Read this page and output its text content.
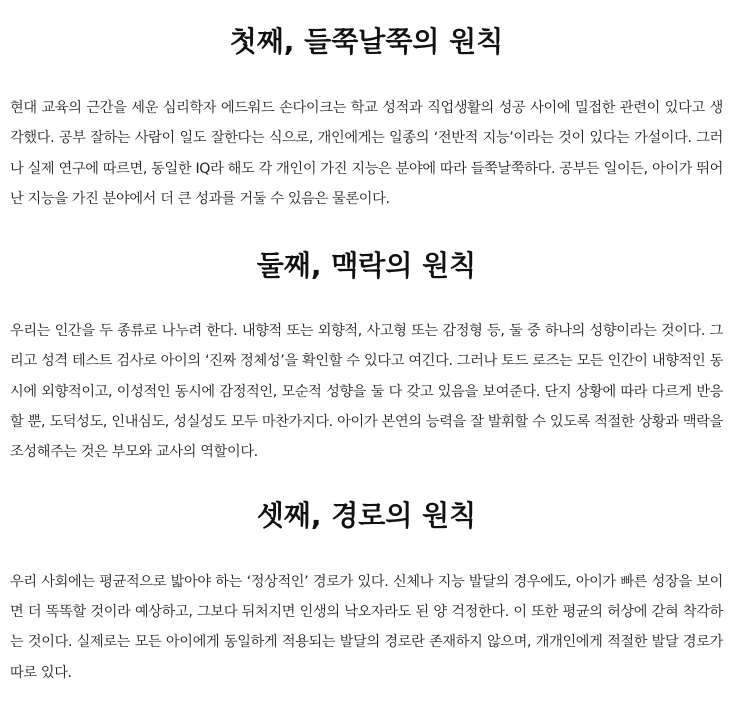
첫째, 들쭉날쭉의 원칙

현대 교육의 근간을 세운 심리학자 에드워드 손다이크는 학교 성적과 직업생활의 성공 사이에 밀접한 관련이 있다고 생각했다. 공부 잘하는 사람이 일도 잘한다는 식으로, 개인에게는 일종의 ‘전반적 지능’이라는 것이 있다는 가설이다. 그러나 실제 연구에 따르면, 동일한 IQ라 해도 각 개인이 가진 지능은 분야에 따라 들쭉날쭉하다. 공부든 일이든, 아이가 뛰어난 지능을 가진 분야에서 더 큰 성과를 거둘 수 있음은 물론이다.

둘째, 맥락의 원칙

우리는 인간을 두 종류로 나누려 한다. 내향적 또는 외향적, 사고형 또는 감정형 등, 둘 중 하나의 성향이라는 것이다. 그리고 성격 테스트 검사로 아이의 ‘진짜 정체성’을 확인할 수 있다고 여긴다. 그러나 토드 로즈는 모든 인간이 내향적인 동시에 외향적이고, 이성적인 동시에 감정적인, 모순적 성향을 둘 다 갖고 있음을 보여준다. 단지 상황에 따라 다르게 반응할 뿐, 도덕성도, 인내심도, 성실성도 모두 마찬가지다. 아이가 본연의 능력을 잘 발휘할 수 있도록 적절한 상황과 맥락을 조성해주는 것은 부모와 교사의 역할이다.

셋째, 경로의 원칙

우리 사회에는 평균적으로 밟아야 하는 ‘정상적인’ 경로가 있다. 신체나 지능 발달의 경우에도, 아이가 빠른 성장을 보이면 더 똑똑할 것이라 예상하고, 그보다 뒤처지면 인생의 낙오자라도 된 양 걱정한다. 이 또한 평균의 허상에 갇혀 착각하는 것이다. 실제로는 모든 아이에게 동일하게 적용되는 발달의 경로란 존재하지 않으며, 개개인에게 적절한 발달 경로가 따로 있다.
